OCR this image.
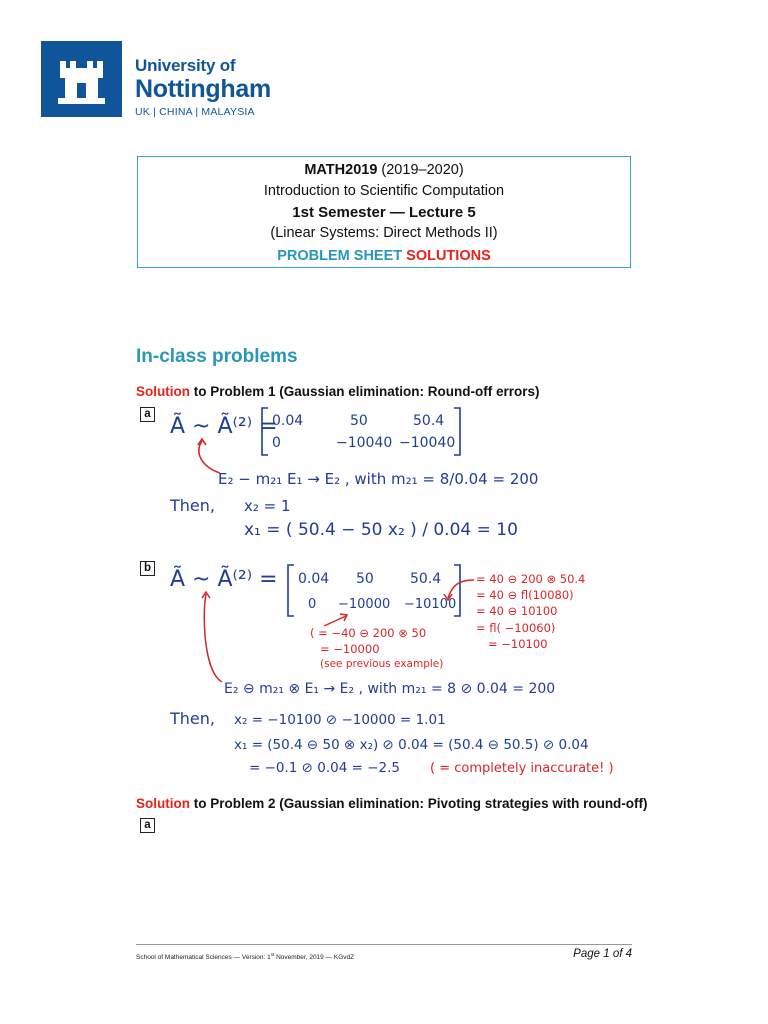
University of
Nottingham
UK | CHINA | MALAYSIA
MATH2019 (2019–2020)
Introduction to Scientific Computation
1st Semester — Lecture 5
(Linear Systems: Direct Methods II)
PROBLEM SHEET SOLUTIONS
In-class problems
Solution to Problem 1 (Gaussian elimination: Round-off errors)
a Ã ~ Ã⁽²⁾ =
0.04	50	50.4
0	−10040 −10040
E₂ − m₂₁ E₁ → E₂ , with m₂₁ = 8/0.04 = 200
Then, x₂ = 1
x₁ = ( 50.4 − 50 x₂ ) / 0.04 = 10
b Ã ~ Ã⁽²⁾ = 0.04 50	50.4
0 −10000 −10100
E₂ ⊖ m₂₁ ⊗ E₁ → E₂ , with m₂₁ = 8 ⊘ 0.04 = 200
Then, x₂ = −10100 ⊘ −10000 = 1.01
x₁ = (50.4 ⊖ 50 ⊗ x₂) ⊘ 0.04 = (50.4 ⊖ 50.5) ⊘ 0.04
= −0.1 ⊘ 0.04 = −2.5
= 40 ⊖ 200 ⊗ 50.4
= 40 ⊖ fl(10080)
= 40 ⊖ 10100
= fl( −10060)
= −10100
( = −40 ⊖ 200 ⊗ 50
= −10000
(see previous example)
( = completely inaccurate! )
Solution to Problem 2 (Gaussian elimination: Pivoting strategies with round-off)
a
School of Mathematical Sciences — Version: 1st November, 2019 — KGvdZ	Page 1 of 4
